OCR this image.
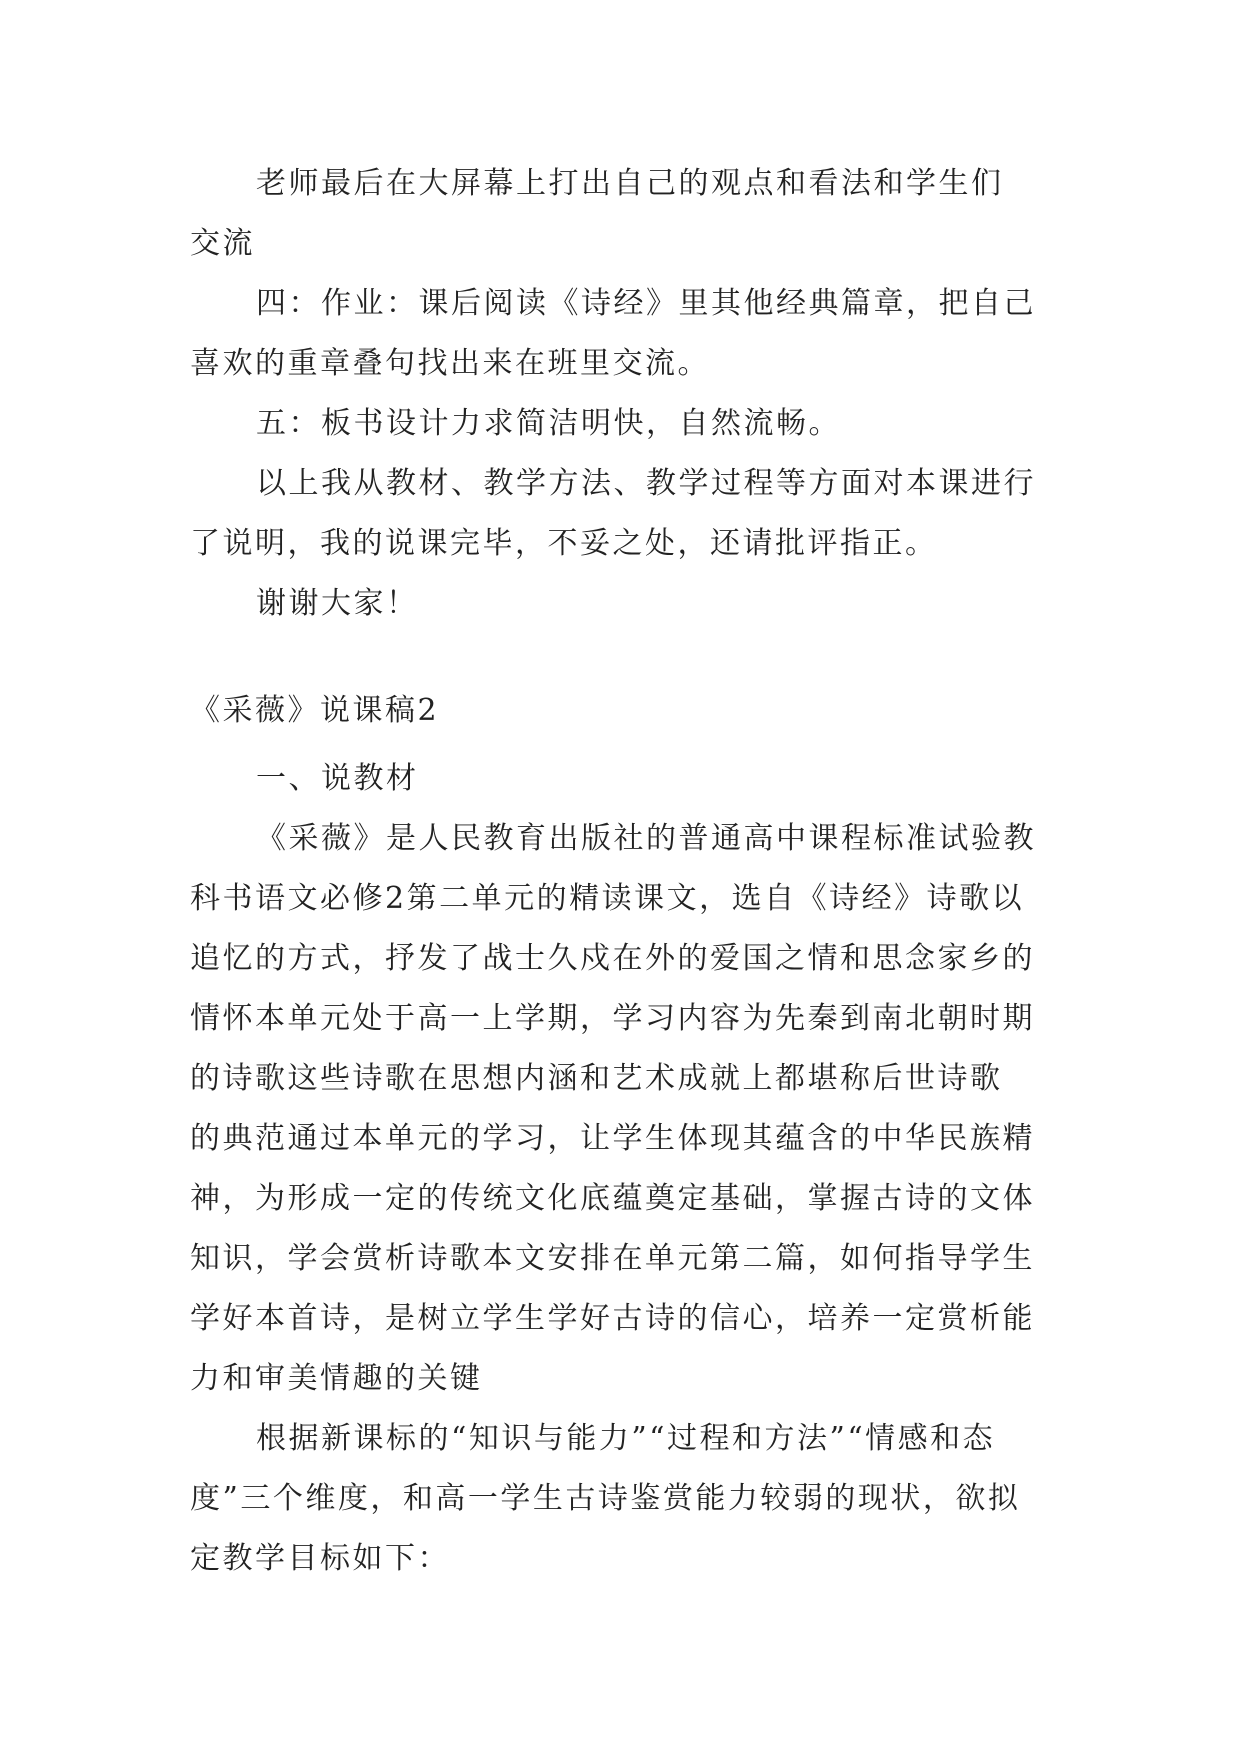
老师最后在大屏幕上打出自己的观点和看法和学生们
交流
四：作业：课后阅读《诗经》里其他经典篇章，把自己
喜欢的重章叠句找出来在班里交流。
五：板书设计力求简洁明快，自然流畅。
以上我从教材、教学方法、教学过程等方面对本课进行
了说明，我的说课完毕，不妥之处，还请批评指正。
谢谢大家！
《采薇》说课稿2
一、说教材
《采薇》是人民教育出版社的普通高中课程标准试验教
科书语文必修2第二单元的精读课文，选自《诗经》诗歌以
追忆的方式，抒发了战士久戍在外的爱国之情和思念家乡的
情怀本单元处于高一上学期，学习内容为先秦到南北朝时期
的诗歌这些诗歌在思想内涵和艺术成就上都堪称后世诗歌
的典范通过本单元的学习，让学生体现其蕴含的中华民族精
神，为形成一定的传统文化底蕴奠定基础，掌握古诗的文体
知识，学会赏析诗歌本文安排在单元第二篇，如何指导学生
学好本首诗，是树立学生学好古诗的信心，培养一定赏析能
力和审美情趣的关键
根据新课标的“知识与能力”“过程和方法”“情感和态
度”三个维度，和高一学生古诗鉴赏能力较弱的现状，欲拟
定教学目标如下：
